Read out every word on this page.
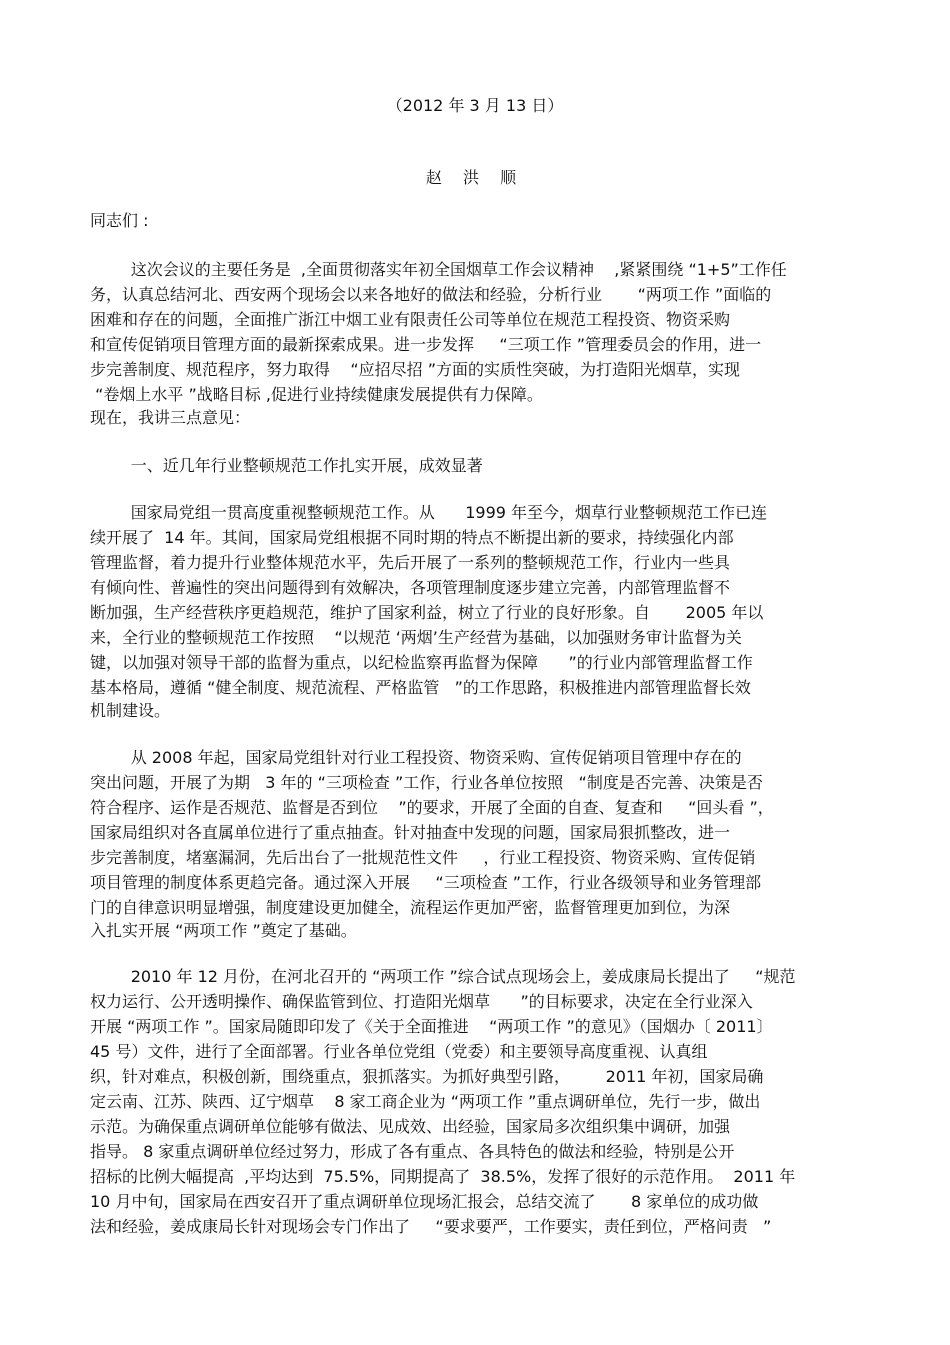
（2012 年 3 月 13 日）
赵 洪 顺
同志们 :
这次会议的主要任务是  ,全面贯彻落实年初全国烟草工作会议精神    ,紧紧围绕 “1+5”工作任
务，认真总结河北、西安两个现场会以来各地好的做法和经验，分析行业       “两项工作 ”面临的
困难和存在的问题，全面推广浙江中烟工业有限责任公司等单位在规范工程投资、物资采购
和宣传促销项目管理方面的最新探索成果。进一步发挥     “三项工作 ”管理委员会的作用，进一
步完善制度、规范程序，努力取得    “应招尽招 ”方面的实质性突破，为打造阳光烟草，实现
“卷烟上水平 ”战略目标 ,促进行业持续健康发展提供有力保障。
现在，我讲三点意见：
一、近几年行业整顿规范工作扎实开展，成效显著
国家局党组一贯高度重视整顿规范工作。从      1999 年至今，烟草行业整顿规范工作已连
续开展了  14 年。其间，国家局党组根据不同时期的特点不断提出新的要求，持续强化内部
管理监督，着力提升行业整体规范水平，先后开展了一系列的整顿规范工作，行业内一些具
有倾向性、普遍性的突出问题得到有效解决，各项管理制度逐步建立完善，内部管理监督不
断加强，生产经营秩序更趋规范，维护了国家利益，树立了行业的良好形象。自       2005 年以
来，全行业的整顿规范工作按照    “以规范 ‘两烟’生产经营为基础，以加强财务审计监督为关
键，以加强对领导干部的监督为重点，以纪检监察再监督为保障      ”的行业内部管理监督工作
基本格局，遵循 “健全制度、规范流程、严格监管   ”的工作思路，积极推进内部管理监督长效
机制建设。
从 2008 年起，国家局党组针对行业工程投资、物资采购、宣传促销项目管理中存在的
突出问题，开展了为期   3 年的 “三项检查 ”工作，行业各单位按照   “制度是否完善、决策是否
符合程序、运作是否规范、监督是否到位    ”的要求，开展了全面的自查、复查和     “回头看 ”，
国家局组织对各直属单位进行了重点抽查。针对抽查中发现的问题，国家局狠抓整改，进一
步完善制度，堵塞漏洞，先后出台了一批规范性文件     ，行业工程投资、物资采购、宣传促销
项目管理的制度体系更趋完备。通过深入开展     “三项检查 ”工作，行业各级领导和业务管理部
门的自律意识明显增强，制度建设更加健全，流程运作更加严密，监督管理更加到位，为深
入扎实开展 “两项工作 ”奠定了基础。
2010 年 12 月份，在河北召开的 “两项工作 ”综合试点现场会上，姜成康局长提出了     “规范
权力运行、公开透明操作、确保监管到位、打造阳光烟草      ”的目标要求，决定在全行业深入
开展 “两项工作 ”。国家局随即印发了《关于全面推进    “两项工作 ”的意见》（国烟办〔 2011〕
45 号）文件，进行了全面部署。行业各单位党组（党委）和主要领导高度重视、认真组
织，针对难点，积极创新，围绕重点，狠抓落实。为抓好典型引路，       2011 年初，国家局确
定云南、江苏、陕西、辽宁烟草    8 家工商企业为 “两项工作 ”重点调研单位，先行一步，做出
示范。为确保重点调研单位能够有做法、见成效、出经验，国家局多次组织集中调研，加强
指导。 8 家重点调研单位经过努力，形成了各有重点、各具特色的做法和经验，特别是公开
招标的比例大幅提高  ,平均达到  75.5%，同期提高了  38.5%，发挥了很好的示范作用。  2011 年
10 月中旬，国家局在西安召开了重点调研单位现场汇报会，总结交流了       8 家单位的成功做
法和经验，姜成康局长针对现场会专门作出了     “要求要严，工作要实，责任到位，严格问责   ”
